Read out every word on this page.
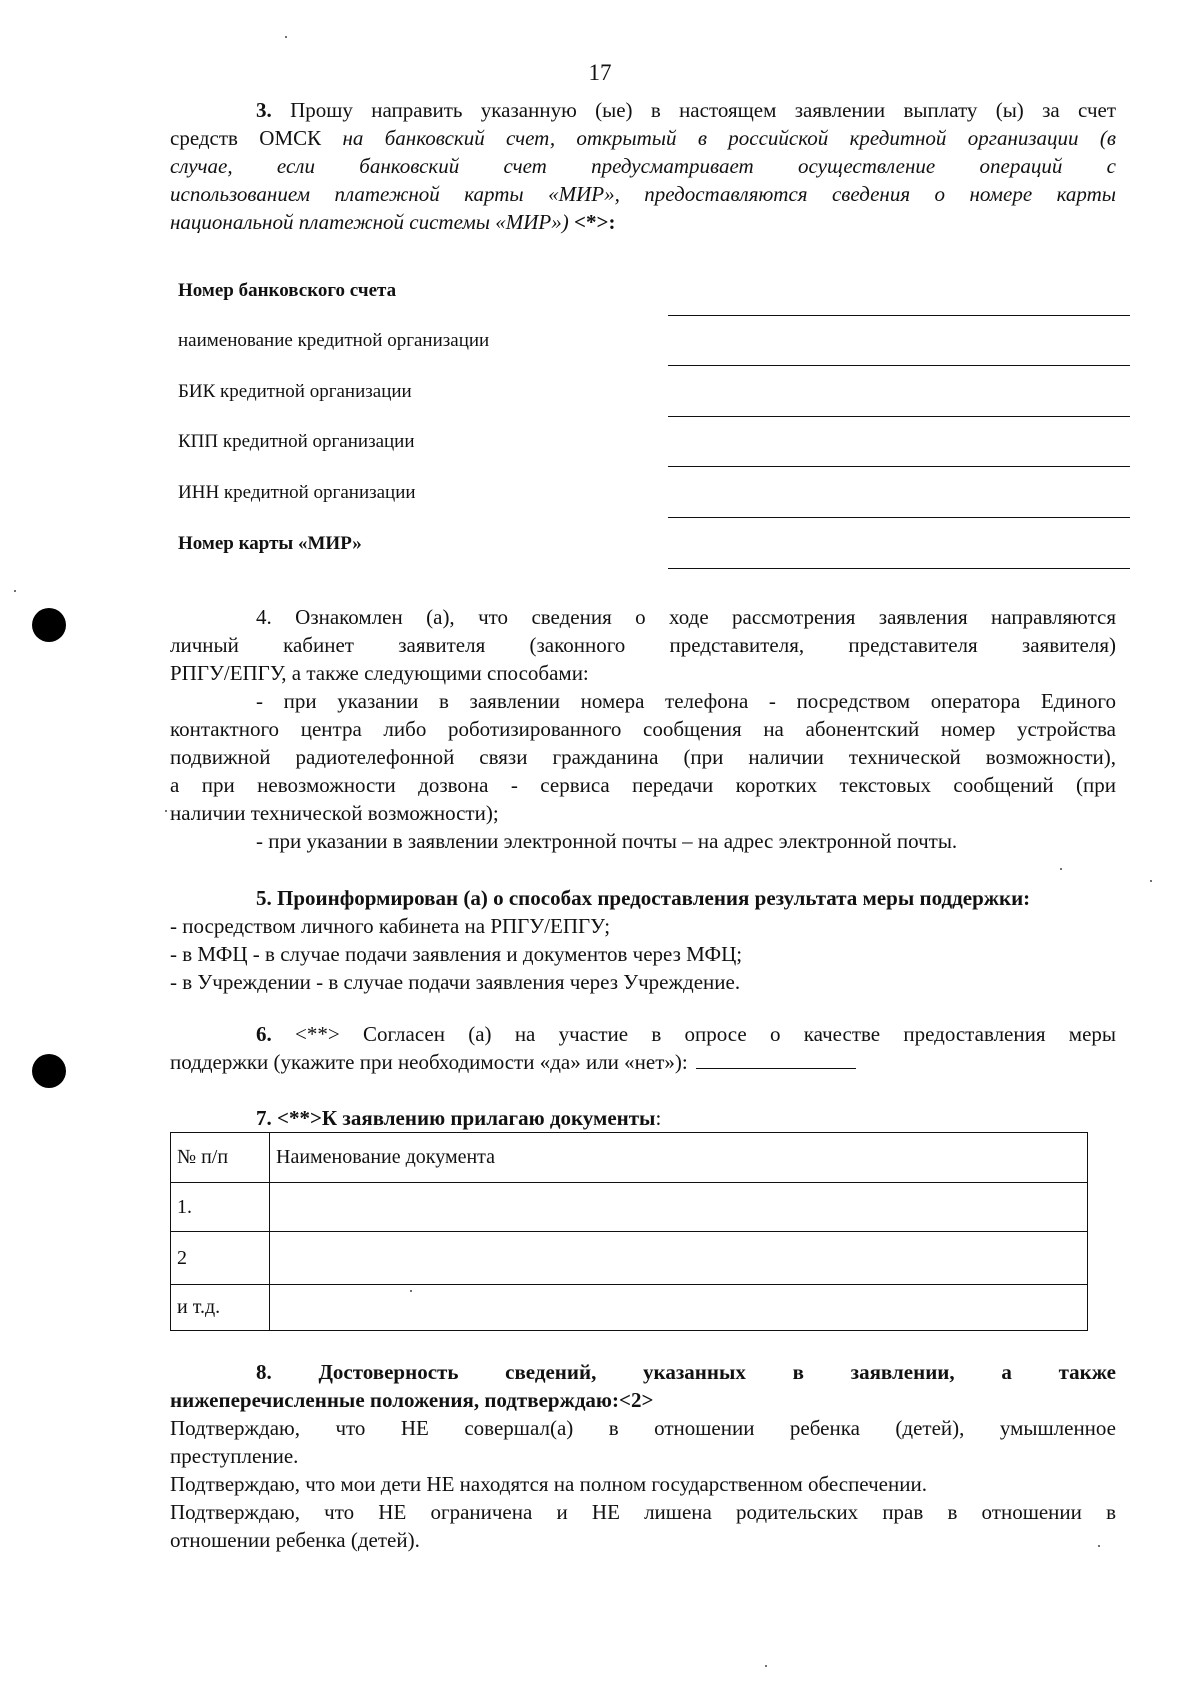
17
3. Прошу направить указанную (ые) в настоящем заявлении выплату (ы) за счет
средств ОМСК на банковский счет, открытый в российской кредитной организации (в
случае, если банковский счет предусматривает осуществление операций с
использованием платежной карты «МИР», предоставляются сведения о номере карты
национальной платежной системы «МИР») <*>:
Номер банковского счета
наименование кредитной организации
БИК кредитной организации
КПП кредитной организации
ИНН кредитной организации
Номер карты «МИР»
4. Ознакомлен (а), что сведения о ходе рассмотрения заявления направляются
личный кабинет заявителя (законного представителя, представителя заявителя)
РПГУ/ЕПГУ, а также следующими способами:
- при указании в заявлении номера телефона - посредством оператора Единого
контактного центра либо роботизированного сообщения на абонентский номер устройства
подвижной радиотелефонной связи гражданина (при наличии технической возможности),
а при невозможности дозвона - сервиса передачи коротких текстовых сообщений (при
наличии технической возможности);
- при указании в заявлении электронной почты – на адрес электронной почты.
5. Проинформирован (а) о способах предоставления результата меры поддержки:
- посредством личного кабинета на РПГУ/ЕПГУ;
- в МФЦ - в случае подачи заявления и документов через МФЦ;
- в Учреждении - в случае подачи заявления через Учреждение.
6. <**> Согласен (а) на участие в опросе о качестве предоставления меры
поддержки (укажите при необходимости «да» или «нет»):
7. <**>К заявлению прилагаю документы:
№ п/п	Наименование документа
1.	
2	
и т.д.	
8. Достоверность сведений, указанных в заявлении, а также
нижеперечисленные положения, подтверждаю:<2>
Подтверждаю, что НЕ совершал(а) в отношении ребенка (детей), умышленное
преступление.
Подтверждаю, что мои дети НЕ находятся на полном государственном обеспечении.
Подтверждаю, что НЕ ограничена и НЕ лишена родительских прав в отношении в
отношении ребенка (детей).
